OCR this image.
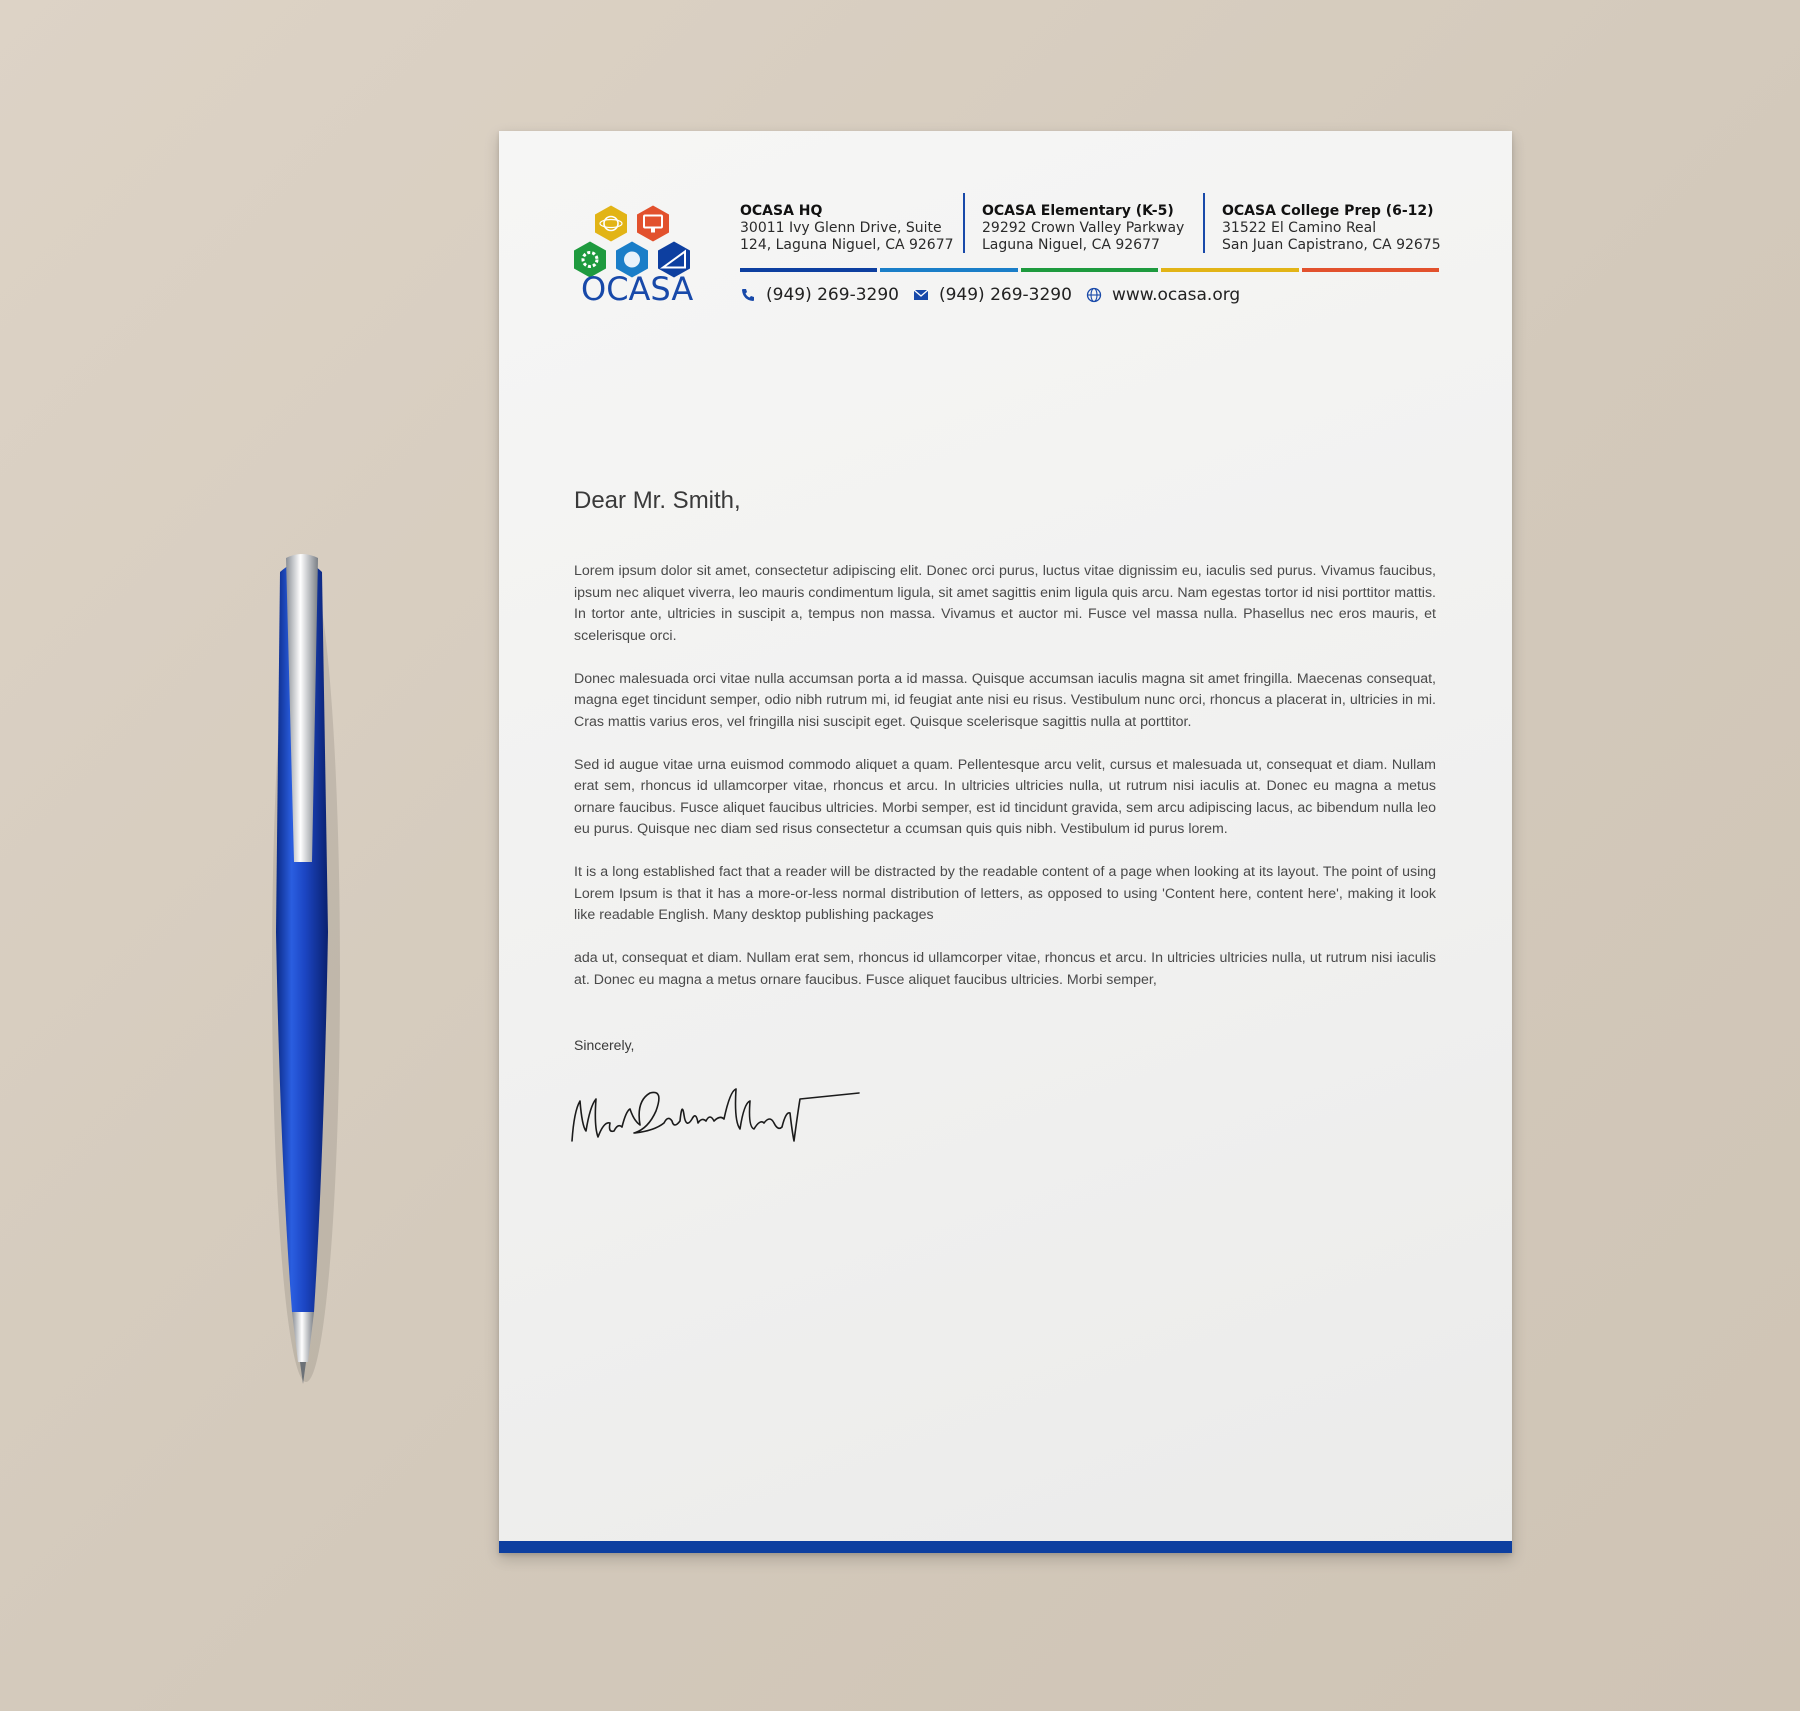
OCASA
OCASA HQ
30011 Ivy Glenn Drive, Suite
124, Laguna Niguel, CA 92677
OCASA Elementary (K-5)
29292 Crown Valley Parkway
Laguna Niguel, CA 92677
OCASA College Prep (6-12)
31522 El Camino Real
San Juan Capistrano, CA 92675
(949) 269-3290 (949) 269-3290 www.ocasa.org
Dear Mr. Smith,

Lorem ipsum dolor sit amet, consectetur adipiscing elit. Donec orci purus, luctus vitae dignissim eu, iaculis sed purus. Vivamus faucibus, ipsum nec aliquet viverra, leo mauris condimentum ligula, sit amet sagittis enim ligula quis arcu. Nam egestas tortor id nisi porttitor mattis. In tortor ante, ultricies in suscipit a, tempus non massa. Vivamus et auctor mi. Fusce vel massa nulla. Phasellus nec eros mauris, et scelerisque orci.

Donec malesuada orci vitae nulla accumsan porta a id massa. Quisque accumsan iaculis magna sit amet fringilla. Maecenas consequat, magna eget tincidunt semper, odio nibh rutrum mi, id feugiat ante nisi eu risus. Vestibulum nunc orci, rhoncus a placerat in, ultricies in mi. Cras mattis varius eros, vel fringilla nisi suscipit eget. Quisque scelerisque sagittis nulla at porttitor.

Sed id augue vitae urna euismod commodo aliquet a quam. Pellentesque arcu velit, cursus et malesuada ut, consequat et diam. Nullam erat sem, rhoncus id ullamcorper vitae, rhoncus et arcu. In ultricies ultricies nulla, ut rutrum nisi iaculis at. Donec eu magna a metus ornare faucibus. Fusce aliquet faucibus ultricies. Morbi semper, est id tincidunt gravida, sem arcu adipiscing lacus, ac bibendum nulla leo eu purus. Quisque nec diam sed risus consectetur a ccumsan quis quis nibh. Vestibulum id purus lorem.

It is a long established fact that a reader will be distracted by the readable content of a page when looking at its layout. The point of using Lorem Ipsum is that it has a more-or-less normal distribution of letters, as opposed to using 'Content here, content here', making it look like readable English. Many desktop publishing packages

ada ut, consequat et diam. Nullam erat sem, rhoncus id ullamcorper vitae, rhoncus et arcu. In ultricies ultricies nulla, ut rutrum nisi iaculis at. Donec eu magna a metus ornare faucibus. Fusce aliquet faucibus ultricies. Morbi semper,

Sincerely,
